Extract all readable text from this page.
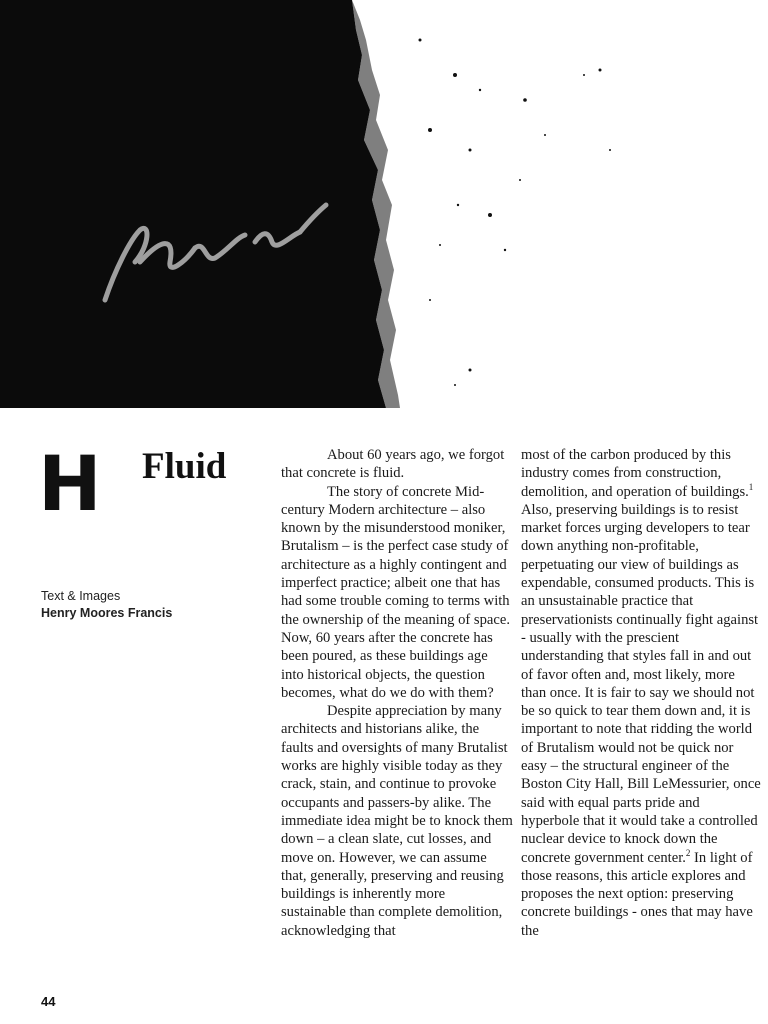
H Fluid
Text & Images
Henry Moores Francis

About 60 years ago, we forgot that concrete is fluid.

The story of concrete Mid-century Modern architecture – also known by the misunderstood moniker, Brutalism – is the perfect case study of architecture as a highly contingent and imperfect practice; albeit one that has had some trouble coming to terms with the ownership of the meaning of space. Now, 60 years after the concrete has been poured, as these buildings age into historical objects, the question becomes, what do we do with them?

Despite appreciation by many architects and historians alike, the faults and oversights of many Brutalist works are highly visible today as they crack, stain, and continue to provoke occupants and passers-by alike. The immediate idea might be to knock them down – a clean slate, cut losses, and move on. However, we can assume that, generally, preserving and reusing buildings is inherently more sustainable than complete demolition, acknowledging that

most of the carbon produced by this industry comes from construction, demolition, and operation of buildings.$^1$ Also, preserving buildings is to resist market forces urging developers to tear down anything non-profitable, perpetuating our view of buildings as expendable, consumed products. This is an unsustainable practice that preservationists continually fight against - usually with the prescient understanding that styles fall in and out of favor often and, most likely, more than once. It is fair to say we should not be so quick to tear them down and, it is important to note that ridding the world of Brutalism would not be quick nor easy – the structural engineer of the Boston City Hall, Bill LeMessurier, once said with equal parts pride and hyperbole that it would take a controlled nuclear device to knock down the concrete government center.$^2$ In light of those reasons, this article explores and proposes the next option: preserving concrete buildings - ones that may have the

44
